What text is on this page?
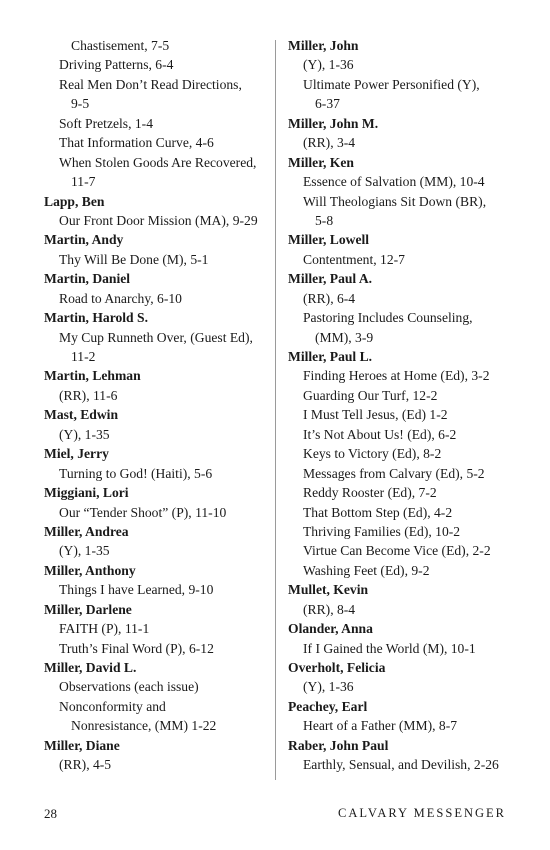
Chastisement, 7-5
Driving Patterns, 6-4
Real Men Don’t Read Directions,
9-5
Soft Pretzels, 1-4
That Information Curve, 4-6
When Stolen Goods Are Recovered,
11-7
Lapp, Ben
Our Front Door Mission (MA), 9-29
Martin, Andy
Thy Will Be Done (M), 5-1
Martin, Daniel
Road to Anarchy, 6-10
Martin, Harold S.
My Cup Runneth Over, (Guest Ed),
11-2
Martin, Lehman
(RR), 11-6
Mast, Edwin
(Y), 1-35
Miel, Jerry
Turning to God! (Haiti), 5-6
Miggiani, Lori
Our “Tender Shoot” (P), 11-10
Miller, Andrea
(Y), 1-35
Miller, Anthony
Things I have Learned, 9-10
Miller, Darlene
FAITH (P), 11-1
Truth’s Final Word (P), 6-12
Miller, David L.
Observations (each issue)
Nonconformity and
Nonresistance, (MM) 1-22
Miller, Diane
(RR), 4-5
Miller, John
(Y), 1-36
Ultimate Power Personified (Y),
6-37
Miller, John M.
(RR), 3-4
Miller, Ken
Essence of Salvation (MM), 10-4
Will Theologians Sit Down (BR),
5-8
Miller, Lowell
Contentment, 12-7
Miller, Paul A.
(RR), 6-4
Pastoring Includes Counseling,
(MM), 3-9
Miller, Paul L.
Finding Heroes at Home (Ed), 3-2
Guarding Our Turf, 12-2
I Must Tell Jesus, (Ed) 1-2
It’s Not About Us! (Ed), 6-2
Keys to Victory (Ed), 8-2
Messages from Calvary (Ed), 5-2
Reddy Rooster (Ed), 7-2
That Bottom Step (Ed), 4-2
Thriving Families (Ed), 10-2
Virtue Can Become Vice (Ed), 2-2
Washing Feet (Ed), 9-2
Mullet, Kevin
(RR), 8-4
Olander, Anna
If I Gained the World (M), 10-1
Overholt, Felicia
(Y), 1-36
Peachey, Earl
Heart of a Father (MM), 8-7
Raber, John Paul
Earthly, Sensual, and Devilish, 2-26
28	CALVARY MESSENGER
